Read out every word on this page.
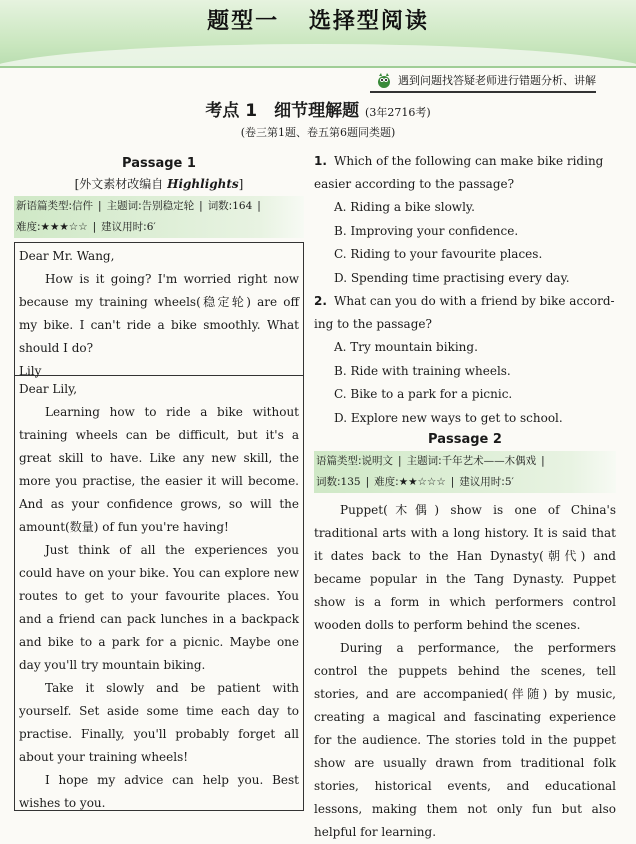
题型一 选择型阅读
遇到问题找答疑老师进行错题分析、讲解
考点 1　细节理解题 (3年2716考)

(卷三第1题、卷五第6题同类题)

Passage 1

[外文素材改编自 Highlights]

新语篇类型:信件 | 主题词:告别稳定轮 | 词数:164 |
难度:★★★☆☆ | 建议用时:6′

Dear Mr. Wang,

How is it going? I'm worried right now because my training wheels(稳定轮) are off my bike. I can't ride a bike smoothly. What should I do?

Lily

Dear Lily,

Learning how to ride a bike without training wheels can be difficult, but it's a great skill to have. Like any new skill, the more you practise, the easier it will become. And as your confidence grows, so will the amount(数量) of fun you're having!

Just think of all the experiences you could have on your bike. You can explore new routes to get to your favourite places. You and a friend can pack lunches in a backpack and bike to a park for a picnic. Maybe one day you'll try mountain biking.

Take it slowly and be patient with yourself. Set aside some time each day to practise. Finally, you'll probably forget all about your training wheels!

I hope my advice can help you. Best wishes to you.

1. Which of the following can make bike riding

easier according to the passage?

A. Riding a bike slowly.

B. Improving your confidence.

C. Riding to your favourite places.

D. Spending time practising every day.

2. What can you do with a friend by bike accord-

ing to the passage?

A. Try mountain biking.

B. Ride with training wheels.

C. Bike to a park for a picnic.

D. Explore new ways to get to school.

Passage 2
语篇类型:说明文 | 主题词:千年艺术——木偶戏 |
词数:135 | 难度:★★☆☆☆ | 建议用时:5′

Puppet(木偶) show is one of China's traditional arts with a long history. It is said that it dates back to the Han Dynasty(朝代) and became popular in the Tang Dynasty. Puppet show is a form in which performers control wooden dolls to perform behind the scenes.

During a performance, the performers control the puppets behind the scenes, tell stories, and are accompanied(伴随) by music, creating a magical and fascinating experience for the audience. The stories told in the puppet show are usually drawn from traditional folk stories, historical events, and educational lessons, making them not only fun but also helpful for learning.
